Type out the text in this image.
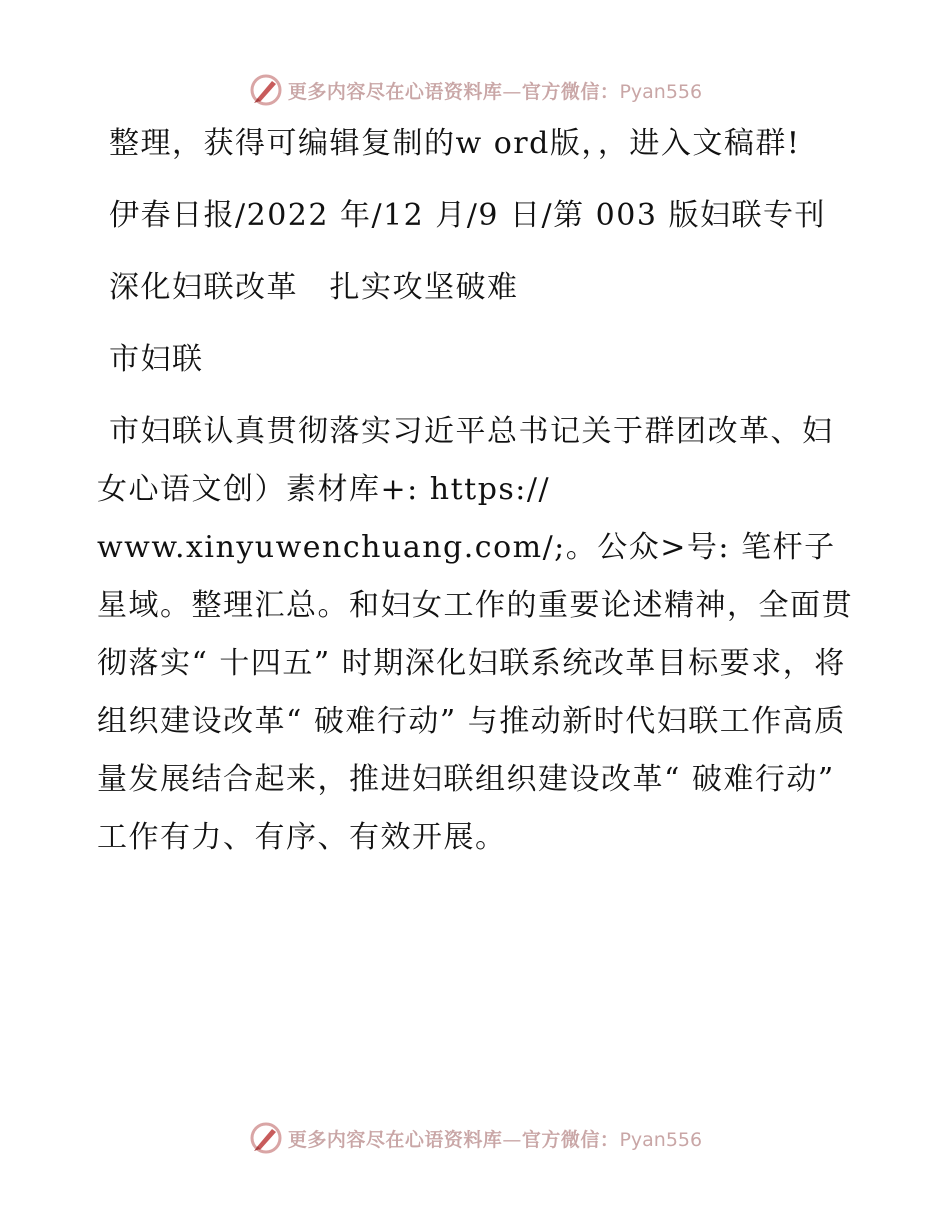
更多内容尽在心语资料库—官方微信：Pyan556

整理，获得可编辑复制的w ord版，，进入文稿群!

伊春日报/2022 年/12 月/9 日/第 003 版妇联专刊

深化妇联改革　扎实攻坚破难

市妇联

市妇联认真贯彻落实习近平总书记关于群团改革、妇女心语文创）素材库+: https:// www.xinyuwenchuang.com/;。公众>号: 笔杆子星域。整理汇总。和妇女工作的重要论述精神，全面贯彻落实“ 十四五” 时期深化妇联系统改革目标要求，将组织建设改革“ 破难行动” 与推动新时代妇联工作高质量发展结合起来，推进妇联组织建设改革“ 破难行动” 工作有力、有序、有效开展。

更多内容尽在心语资料库—官方微信：Pyan556
